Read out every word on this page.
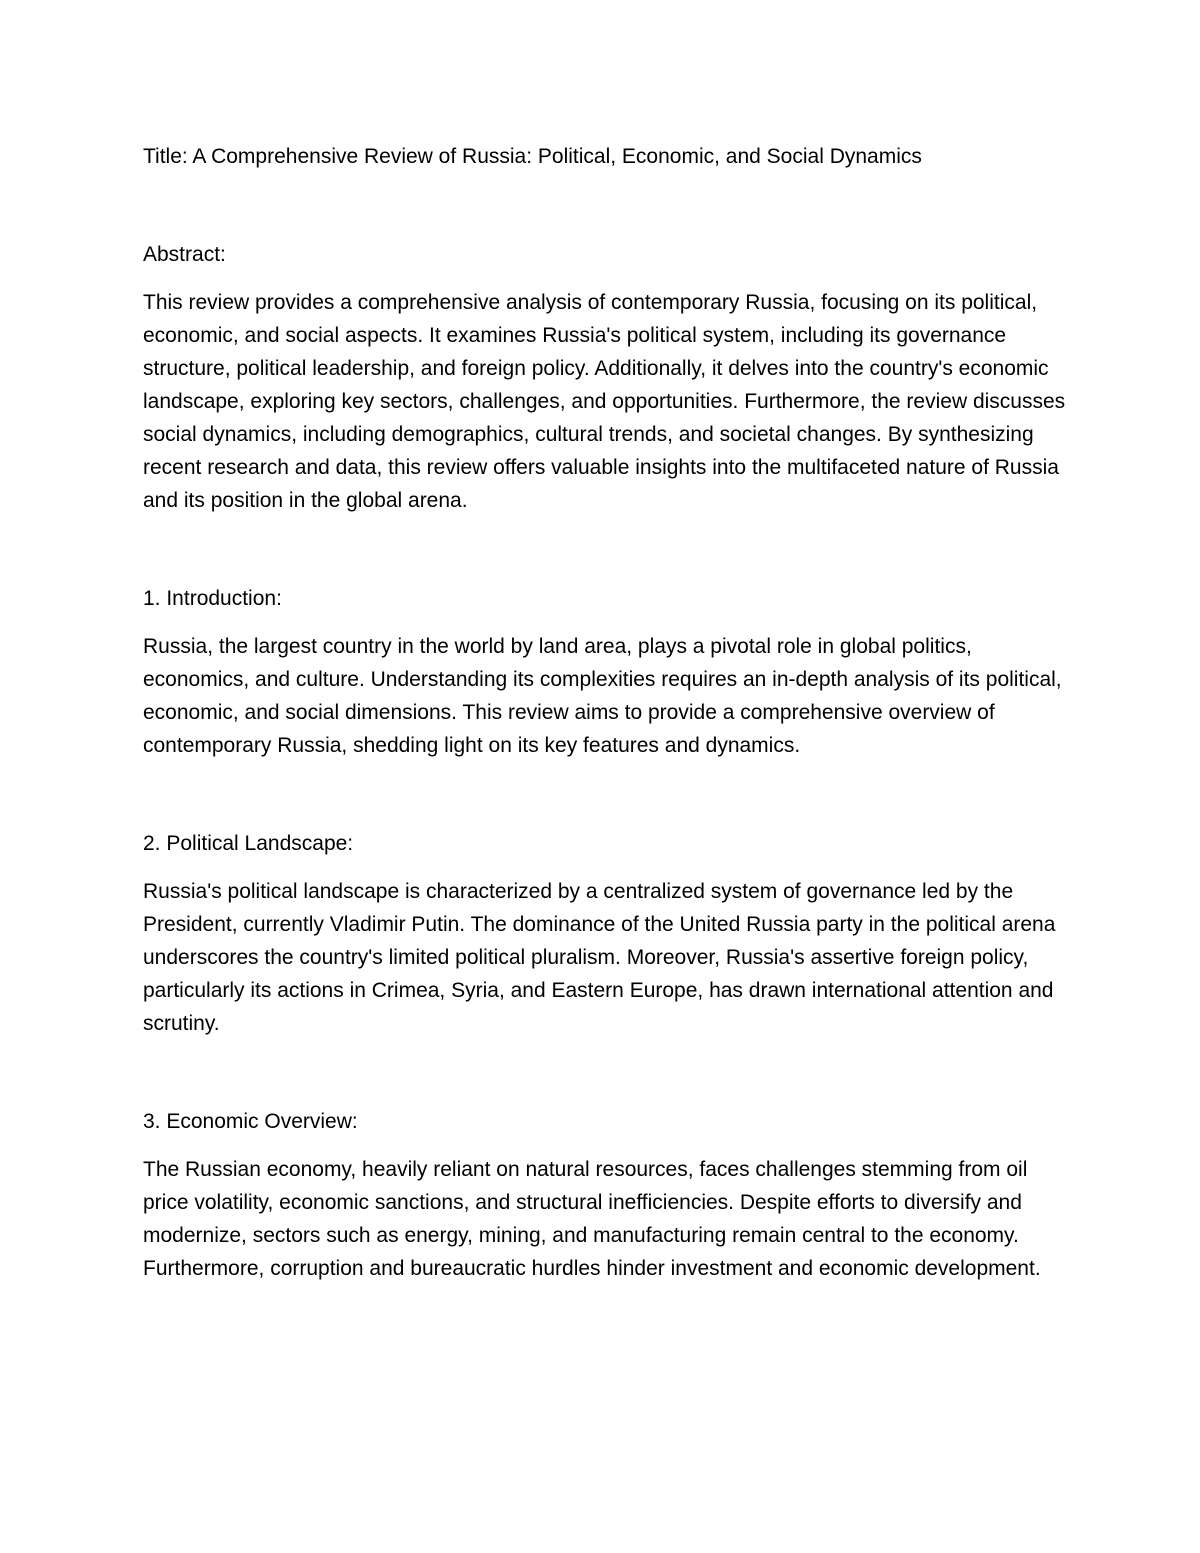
Title: A Comprehensive Review of Russia: Political, Economic, and Social Dynamics

Abstract:

This review provides a comprehensive analysis of contemporary Russia, focusing on its political, economic, and social aspects. It examines Russia's political system, including its governance structure, political leadership, and foreign policy. Additionally, it delves into the country's economic landscape, exploring key sectors, challenges, and opportunities. Furthermore, the review discusses social dynamics, including demographics, cultural trends, and societal changes. By synthesizing recent research and data, this review offers valuable insights into the multifaceted nature of Russia and its position in the global arena.

1. Introduction:

Russia, the largest country in the world by land area, plays a pivotal role in global politics, economics, and culture. Understanding its complexities requires an in-depth analysis of its political, economic, and social dimensions. This review aims to provide a comprehensive overview of contemporary Russia, shedding light on its key features and dynamics.

2. Political Landscape:

Russia's political landscape is characterized by a centralized system of governance led by the President, currently Vladimir Putin. The dominance of the United Russia party in the political arena underscores the country's limited political pluralism. Moreover, Russia's assertive foreign policy, particularly its actions in Crimea, Syria, and Eastern Europe, has drawn international attention and scrutiny.

3. Economic Overview:

The Russian economy, heavily reliant on natural resources, faces challenges stemming from oil price volatility, economic sanctions, and structural inefficiencies. Despite efforts to diversify and modernize, sectors such as energy, mining, and manufacturing remain central to the economy. Furthermore, corruption and bureaucratic hurdles hinder investment and economic development.
